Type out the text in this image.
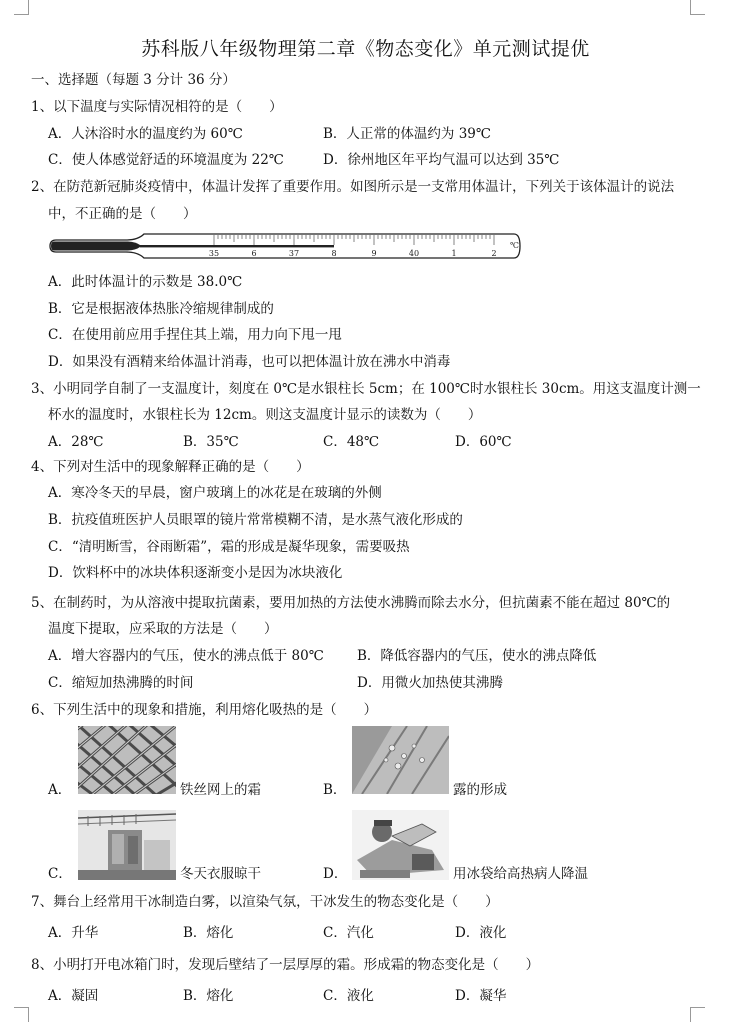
苏科版八年级物理第二章《物态变化》单元测试提优
一、选择题（每题 3 分计 36 分）
1、以下温度与实际情况相符的是（　　）
A．人沐浴时水的温度约为 60℃	B．人正常的体温约为 39℃
C．使人体感觉舒适的环境温度为 22℃	D．徐州地区年平均气温可以达到 35℃
2、在防范新冠肺炎疫情中，体温计发挥了重要作用。如图所示是一支常用体温计，下列关于该体温计的说法
中，不正确的是（　　）
35	6	37	8	9	40	1	2
℃
A．此时体温计的示数是 38.0℃
B．它是根据液体热胀冷缩规律制成的
C．在使用前应用手捏住其上端，用力向下甩一甩
D．如果没有酒精来给体温计消毒，也可以把体温计放在沸水中消毒
3、小明同学自制了一支温度计，刻度在 0℃是水银柱长 5cm；在 100℃时水银柱长 30cm。用这支温度计测一
杯水的温度时，水银柱长为 12cm。则这支温度计显示的读数为（　　）
A．28℃	B．35℃	C．48℃	D．60℃
4、下列对生活中的现象解释正确的是（　　）
A．寒冷冬天的早晨，窗户玻璃上的冰花是在玻璃的外侧
B．抗疫值班医护人员眼罩的镜片常常模糊不清，是水蒸气液化形成的
C．“清明断雪，谷雨断霜”，霜的形成是凝华现象，需要吸热
D．饮料杯中的冰块体积逐渐变小是因为冰块液化
5、在制药时，为从溶液中提取抗菌素，要用加热的方法使水沸腾而除去水分，但抗菌素不能在超过 80℃的
温度下提取，应采取的方法是（　　）
A．增大容器内的气压，使水的沸点低于 80℃ B．降低容器内的气压，使水的沸点降低
C．缩短加热沸腾的时间	D．用微火加热使其沸腾
6、下列生活中的现象和措施，利用熔化吸热的是（　　）
A．	铁丝网上的霜	B．	露的形成
C．	冬天衣服晾干	D．	用冰袋给高热病人降温
7、舞台上经常用干冰制造白雾，以渲染气氛，干冰发生的物态变化是（　　）
A．升华	B．熔化	C．汽化	D．液化
8、小明打开电冰箱门时，发现后壁结了一层厚厚的霜。形成霜的物态变化是（　　）
A．凝固	B．熔化	C．液化	D．凝华
